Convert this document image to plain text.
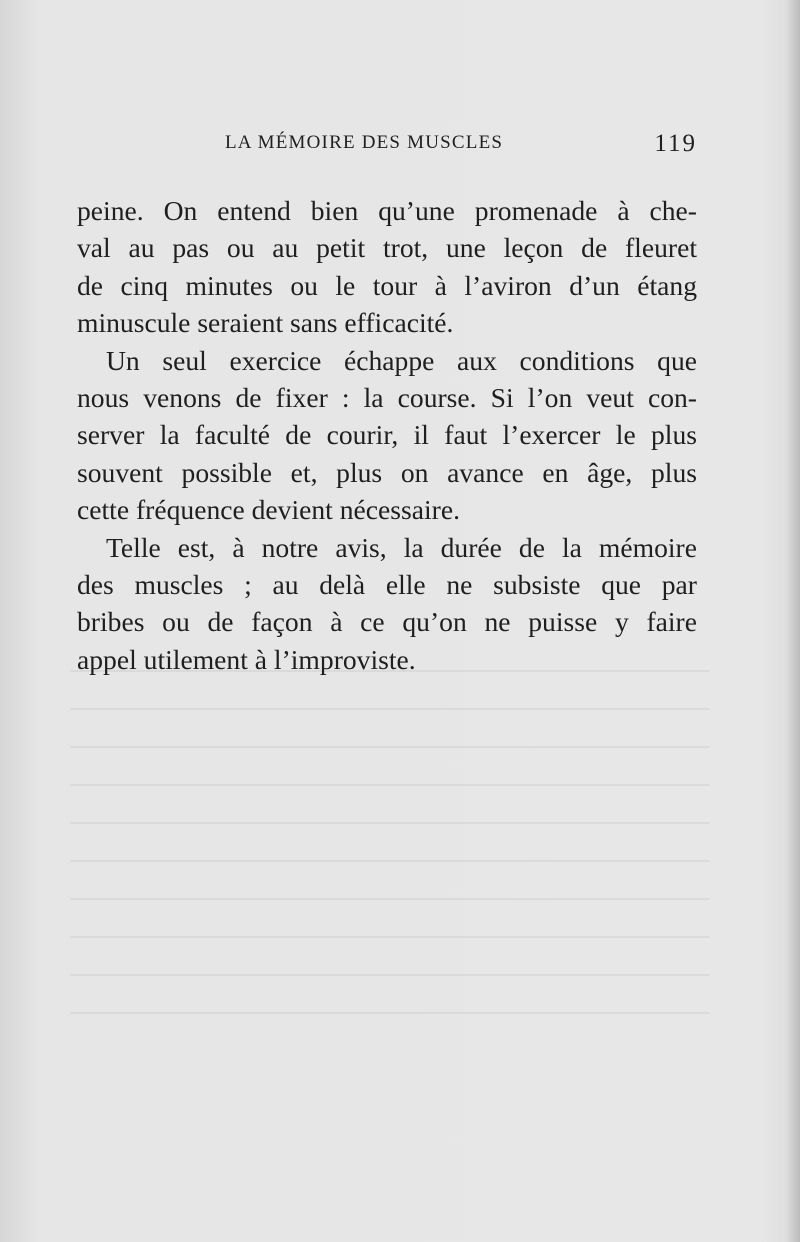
LA MÉMOIRE DES MUSCLES	119
peine. On entend bien qu’une promenade à che-
val au pas ou au petit trot, une leçon de fleuret
de cinq minutes ou le tour à l’aviron d’un étang
minuscule seraient sans efficacité.
Un seul exercice échappe aux conditions que
nous venons de fixer : la course. Si l’on veut con-
server la faculté de courir, il faut l’exercer le plus
souvent possible et, plus on avance en âge, plus
cette fréquence devient nécessaire.
Telle est, à notre avis, la durée de la mémoire
des muscles ; au delà elle ne subsiste que par
bribes ou de façon à ce qu’on ne puisse y faire
appel utilement à l’improviste.
